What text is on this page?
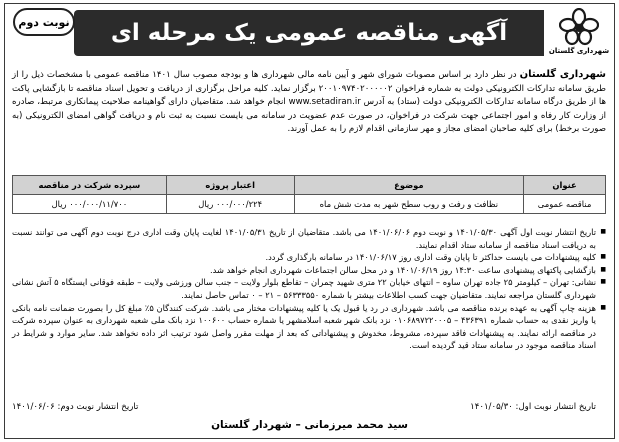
شهرداری گلستان
آگهی مناقصه عمومی یک مرحله ای
نوبت دوم

شهرداری گلستان در نظر دارد بر اساس مصوبات شورای شهر و آیین نامه مالی شهرداری ها و بودجه مصوب سال ۱۴۰۱ مناقصه عمومی با مشخصات ذیل را از طریق سامانه تدارکات الکترونیکی دولت به شماره فراخوان ۲۰۰۱۰۹۷۴۰۲۰۰۰۰۰۲ برگزار نماید. کلیه مراحل برگزاری از دریافت و تحویل اسناد مناقصه تا بازگشایی پاکت ها از طریق درگاه سامانه تدارکات الکترونیکی دولت (ستاد) به آدرس www.setadiran.ir انجام خواهد شد. متقاضیان دارای گواهینامه صلاحیت پیمانکاری مرتبط، صادره از وزارت کار رفاه و امور اجتماعی جهت شرکت در فراخوان، در صورت عدم عضویت در سامانه می بایست نسبت به ثبت نام و دریافت گواهی امضای الکترونیکی (به صورت برخط) برای کلیه صاحبان امضای مجاز و مهر سازمانی اقدام لازم را به عمل آورند.

عنوان	موضوع	اعتبار پروژه	سپرده شرکت در مناقصه
مناقصه عمومی	نظافت و رفت و روب سطح شهر به مدت شش ماه	۰۰۰/۰۰۰/۲۲۴ ریال	۰۰۰/۰۰۰/۱۱/۷۰۰ ریال
■ تاریخ انتشار نوبت اول آگهی ۱۴۰۱/۰۵/۳۰ و نوبت دوم ۱۴۰۱/۰۶/۰۶ می باشد. متقاضیان از تاریخ ۱۴۰۱/۰۵/۳۱ لغایت پایان وقت اداری درج نوبت دوم آگهی می توانند نسبت به دریافت اسناد مناقصه از سامانه ستاد اقدام نمایند.
■ کلیه پیشنهادات می بایست حداکثر تا پایان وقت اداری روز ۱۴۰۱/۰۶/۱۷ در سامانه بارگذاری گردد.
■ بازگشایی پاکتهای پیشنهادی ساعت ۱۴:۳۰ روز ۱۴۰۱/۰۶/۱۹ و در محل سالن اجتماعات شهرداری انجام خواهد شد.
■ نشانی: تهران – کیلومتر ۲۵ جاده تهران ساوه – انتهای خیابان ۲۲ متری شهید چمران – تقاطع بلوار ولایت – جنب سالن ورزشی ولایت – طبقه فوقانی ایستگاه ۵ آتش نشانی شهرداری گلستان مراجعه نمایند. متقاضیان جهت کسب اطلاعات بیشتر با شماره ۵۶۳۳۳۵۵۰ – ۲۱ – ۰ تماس حاصل نمایند.
■ هزینه چاپ آگهی به عهده برنده مناقصه می باشد. شهرداری در رد یا قبول یک یا کلیه پیشنهادات مختار می باشد. شرکت کنندگان ۵٪ مبلغ کل را بصورت ضمانت نامه بانکی یا واریز نقدی به حساب شماره ۴۳۶۳۹۱ – ۰۱۰۶۸۹۷۲۲۰۰۰۵ نزد بانک شهر شعبه اسلامشهر یا شماره حساب ۱۰۰۶۰۰ نزد بانک ملی شعبه شهرداری به عنوان سپرده شرکت در مناقصه ارائه نمایند. به پیشنهادات فاقد سپرده، مشروط، مخدوش و پیشنهاداتی که بعد از مهلت مقرر واصل شود ترتیب اثر داده نخواهد شد. سایر موارد و شرایط در اسناد مناقصه موجود در سامانه ستاد قید گردیده است.
تاریخ انتشار نوبت اول: ۱۴۰۱/۰۵/۳۰
تاریخ انتشار نوبت دوم: ۱۴۰۱/۰۶/۰۶
سید محمد میرزمانی – شهردار گلستان
